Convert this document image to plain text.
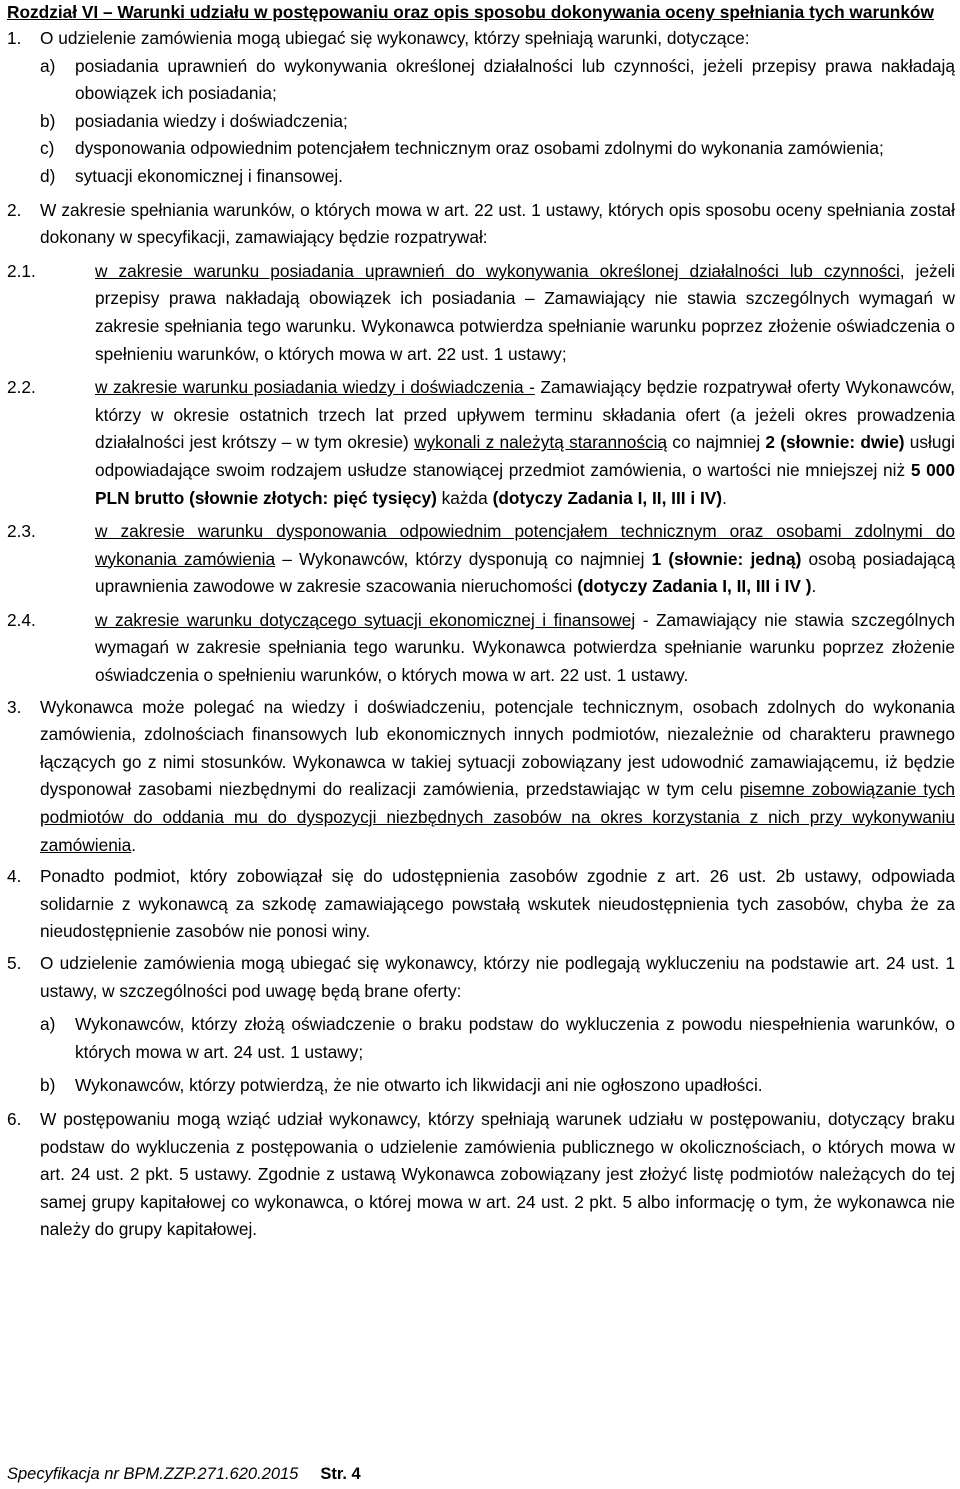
Rozdział VI – Warunki udziału w postępowaniu oraz opis sposobu dokonywania oceny spełniania tych warunków
1.	O udzielenie zamówienia mogą ubiegać się wykonawcy, którzy spełniają warunki, dotyczące:
a)	posiadania uprawnień do wykonywania określonej działalności lub czynności, jeżeli przepisy prawa nakładają obowiązek ich posiadania;
b)	posiadania wiedzy i doświadczenia;
c)	dysponowania odpowiednim potencjałem technicznym oraz osobami zdolnymi do wykonania zamówienia;
d)	sytuacji ekonomicznej i finansowej.
2.	W zakresie spełniania warunków, o których mowa w art. 22 ust. 1 ustawy, których opis sposobu oceny spełniania został dokonany w specyfikacji, zamawiający będzie rozpatrywał:
2.1.	w zakresie warunku posiadania uprawnień do wykonywania określonej działalności lub czynności, jeżeli przepisy prawa nakładają obowiązek ich posiadania – Zamawiający nie stawia szczególnych wymagań w zakresie spełniania tego warunku. Wykonawca potwierdza spełnianie warunku poprzez złożenie oświadczenia o spełnieniu warunków, o których mowa w art. 22 ust. 1 ustawy;
2.2.	w zakresie warunku posiadania wiedzy i doświadczenia - Zamawiający będzie rozpatrywał oferty Wykonawców, którzy w okresie ostatnich trzech lat przed upływem terminu składania ofert (a jeżeli okres prowadzenia działalności jest krótszy – w tym okresie) wykonali z należytą starannością co najmniej 2 (słownie: dwie) usługi odpowiadające swoim rodzajem usłudze stanowiącej przedmiot zamówienia, o wartości nie mniejszej niż 5 000 PLN brutto (słownie złotych: pięć tysięcy) każda (dotyczy Zadania I, II, III i IV).
2.3.	w zakresie warunku dysponowania odpowiednim potencjałem technicznym oraz osobami zdolnymi do wykonania zamówienia – Wykonawców, którzy dysponują co najmniej 1 (słownie: jedną) osobą posiadającą uprawnienia zawodowe w zakresie szacowania nieruchomości (dotyczy Zadania I, II, III i IV ).
2.4.	w zakresie warunku dotyczącego sytuacji ekonomicznej i finansowej - Zamawiający nie stawia szczególnych wymagań w zakresie spełniania tego warunku. Wykonawca potwierdza spełnianie warunku poprzez złożenie oświadczenia o spełnieniu warunków, o których mowa w art. 22 ust. 1 ustawy.
3.	Wykonawca może polegać na wiedzy i doświadczeniu, potencjale technicznym, osobach zdolnych do wykonania zamówienia, zdolnościach finansowych lub ekonomicznych innych podmiotów, niezależnie od charakteru prawnego łączących go z nimi stosunków. Wykonawca w takiej sytuacji zobowiązany jest udowodnić zamawiającemu, iż będzie dysponował zasobami niezbędnymi do realizacji zamówienia, przedstawiając w tym celu pisemne zobowiązanie tych podmiotów do oddania mu do dyspozycji niezbędnych zasobów na okres korzystania z nich przy wykonywaniu zamówienia.
4.	Ponadto podmiot, który zobowiązał się do udostępnienia zasobów zgodnie z art. 26 ust. 2b ustawy, odpowiada solidarnie z wykonawcą za szkodę zamawiającego powstałą wskutek nieudostępnienia tych zasobów, chyba że za nieudostępnienie zasobów nie ponosi winy.
5.	O udzielenie zamówienia mogą ubiegać się wykonawcy, którzy nie podlegają wykluczeniu na podstawie art. 24 ust. 1 ustawy, w szczególności pod uwagę będą brane oferty:
a)	Wykonawców, którzy złożą oświadczenie o braku podstaw do wykluczenia z powodu niespełnienia warunków, o których mowa w art. 24 ust. 1 ustawy;
b)	Wykonawców, którzy potwierdzą, że nie otwarto ich likwidacji ani nie ogłoszono upadłości.
6.	W postępowaniu mogą wziąć udział wykonawcy, którzy spełniają warunek udziału w postępowaniu, dotyczący braku podstaw do wykluczenia z postępowania o udzielenie zamówienia publicznego w okolicznościach, o których mowa w art. 24 ust. 2 pkt. 5 ustawy. Zgodnie z ustawą Wykonawca zobowiązany jest złożyć listę podmiotów należących do tej samej grupy kapitałowej co wykonawca, o której mowa w art. 24 ust. 2 pkt. 5 albo informację o tym, że wykonawca nie należy do grupy kapitałowej.
Specyfikacja nr BPM.ZZP.271.620.2015 Str. 4
